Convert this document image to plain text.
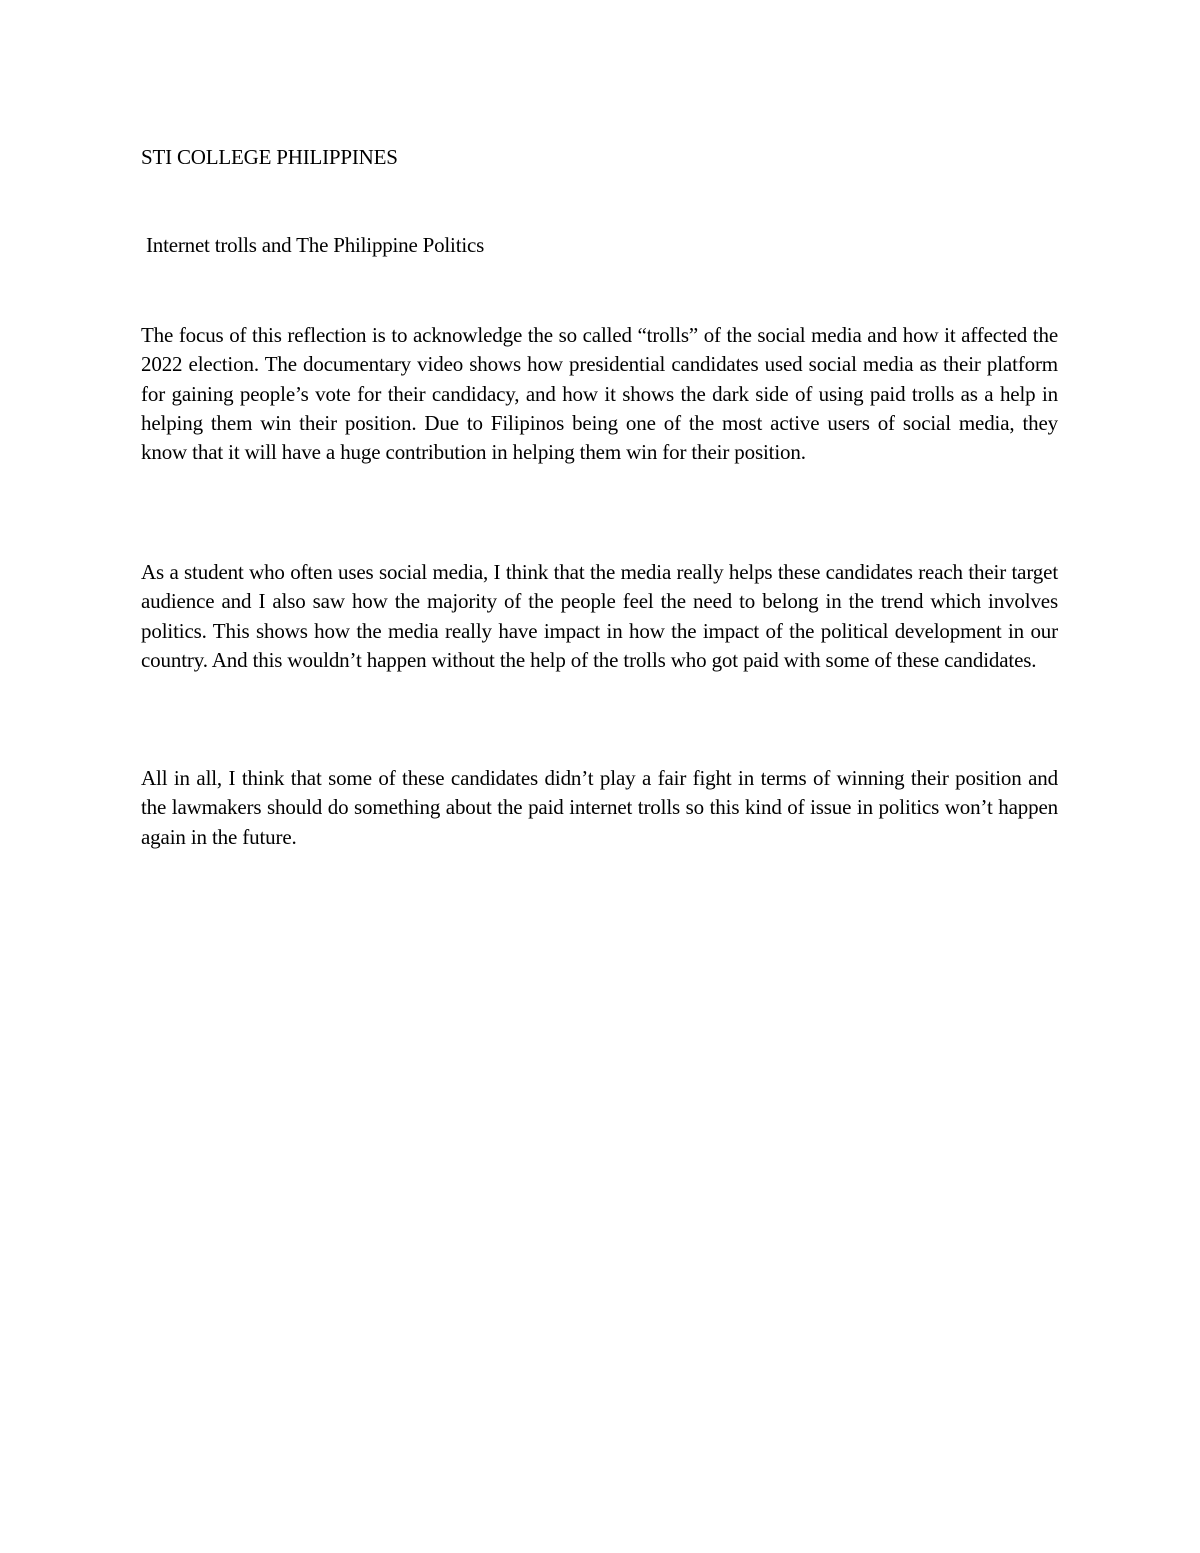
STI COLLEGE PHILIPPINES

Internet trolls and The Philippine Politics

The focus of this reflection is to acknowledge the so called “trolls” of the social media and how it affected the 2022 election. The documentary video shows how presidential candidates used social media as their platform for gaining people’s vote for their candidacy, and how it shows the dark side of using paid trolls as a help in helping them win their position. Due to Filipinos being one of the most active users of social media, they know that it will have a huge contribution in helping them win for their position.

As a student who often uses social media, I think that the media really helps these candidates reach their target audience and I also saw how the majority of the people feel the need to belong in the trend which involves politics. This shows how the media really have impact in how the impact of the political development in our country. And this wouldn’t happen without the help of the trolls who got paid with some of these candidates.

All in all, I think that some of these candidates didn’t play a fair fight in terms of winning their position and the lawmakers should do something about the paid internet trolls so this kind of issue in politics won’t happen again in the future.
